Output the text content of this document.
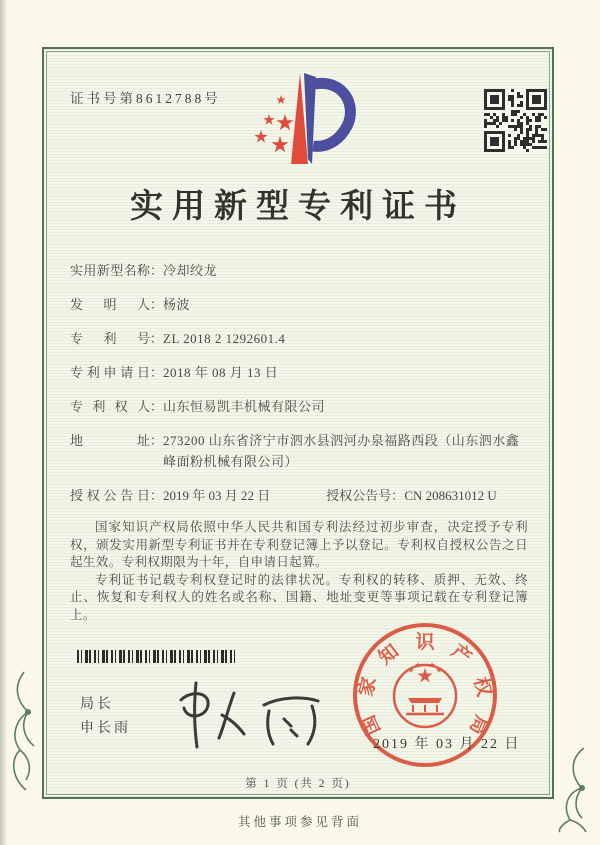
证书号第8612788号
实用新型专利证书
实用新型名称 ： 冷却绞龙
发明人 ： 杨波
专利号 ： ZL 2018 2 1292601.4
专利申请日 ： 2018 年 08 月 13 日
专利权人 ： 山东恒易凯丰机械有限公司
地址 ： 273200 山东省济宁市泗水县泗河办泉福路西段（山东泗水鑫峰面粉机械有限公司）
授权公告日 ： 2019 年 03 月 22 日	授权公告号 ： CN 208631012 U

国家知识产权局依照中华人民共和国专利法经过初步审查，决定授予专利权，颁发实用新型专利证书并在专利登记簿上予以登记。专利权自授权公告之日起生效。专利权期限为十年，自申请日起算。

专利证书记载专利权登记时的法律状况。专利权的转移、质押、无效、终止、恢复和专利权人的姓名或名称、国籍、地址变更等事项记载在专利登记簿上。

局长
申长雨	国
家
知 识 产
权
局
2019 年 03 月 22 日
第 1 页 (共 2 页)
其他事项参见背面
